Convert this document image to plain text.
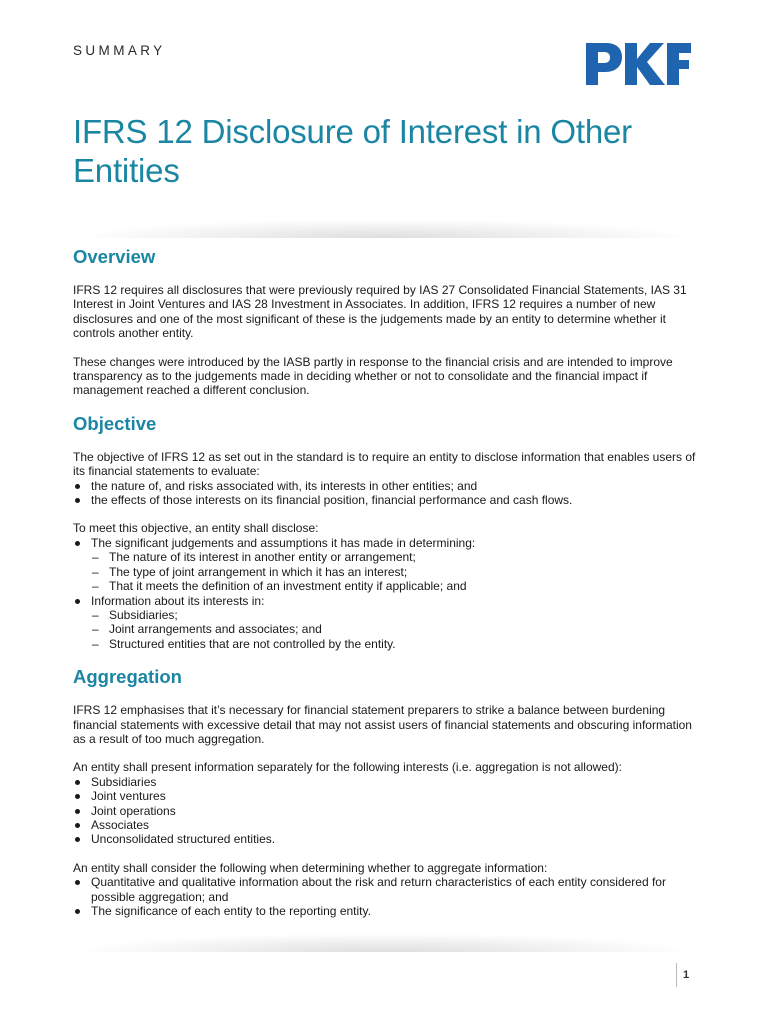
SUMMARY
IFRS 12 Disclosure of Interest in Other Entities
Overview

IFRS 12 requires all disclosures that were previously required by IAS 27 Consolidated Financial Statements, IAS 31 Interest in Joint Ventures and IAS 28 Investment in Associates. In addition, IFRS 12 requires a number of new disclosures and one of the most significant of these is the judgements made by an entity to determine whether it controls another entity.

These changes were introduced by the IASB partly in response to the financial crisis and are intended to improve transparency as to the judgements made in deciding whether or not to consolidate and the financial impact if management reached a different conclusion.

Objective

The objective of IFRS 12 as set out in the standard is to require an entity to disclose information that enables users of its financial statements to evaluate:

the nature of, and risks associated with, its interests in other entities; and
the effects of those interests on its financial position, financial performance and cash flows.

To meet this objective, an entity shall disclose:

The significant judgements and assumptions it has made in determining:
– The nature of its interest in another entity or arrangement;
– The type of joint arrangement in which it has an interest;
– That it meets the definition of an investment entity if applicable; and
Information about its interests in:
– Subsidiaries;
– Joint arrangements and associates; and
– Structured entities that are not controlled by the entity.
Aggregation

IFRS 12 emphasises that it’s necessary for financial statement preparers to strike a balance between burdening financial statements with excessive detail that may not assist users of financial statements and obscuring information as a result of too much aggregation.

An entity shall present information separately for the following interests (i.e. aggregation is not allowed):

Subsidiaries
Joint ventures
Joint operations
Associates
Unconsolidated structured entities.

An entity shall consider the following when determining whether to aggregate information:

Quantitative and qualitative information about the risk and return characteristics of each entity considered for possible aggregation; and
The significance of each entity to the reporting entity.
1
